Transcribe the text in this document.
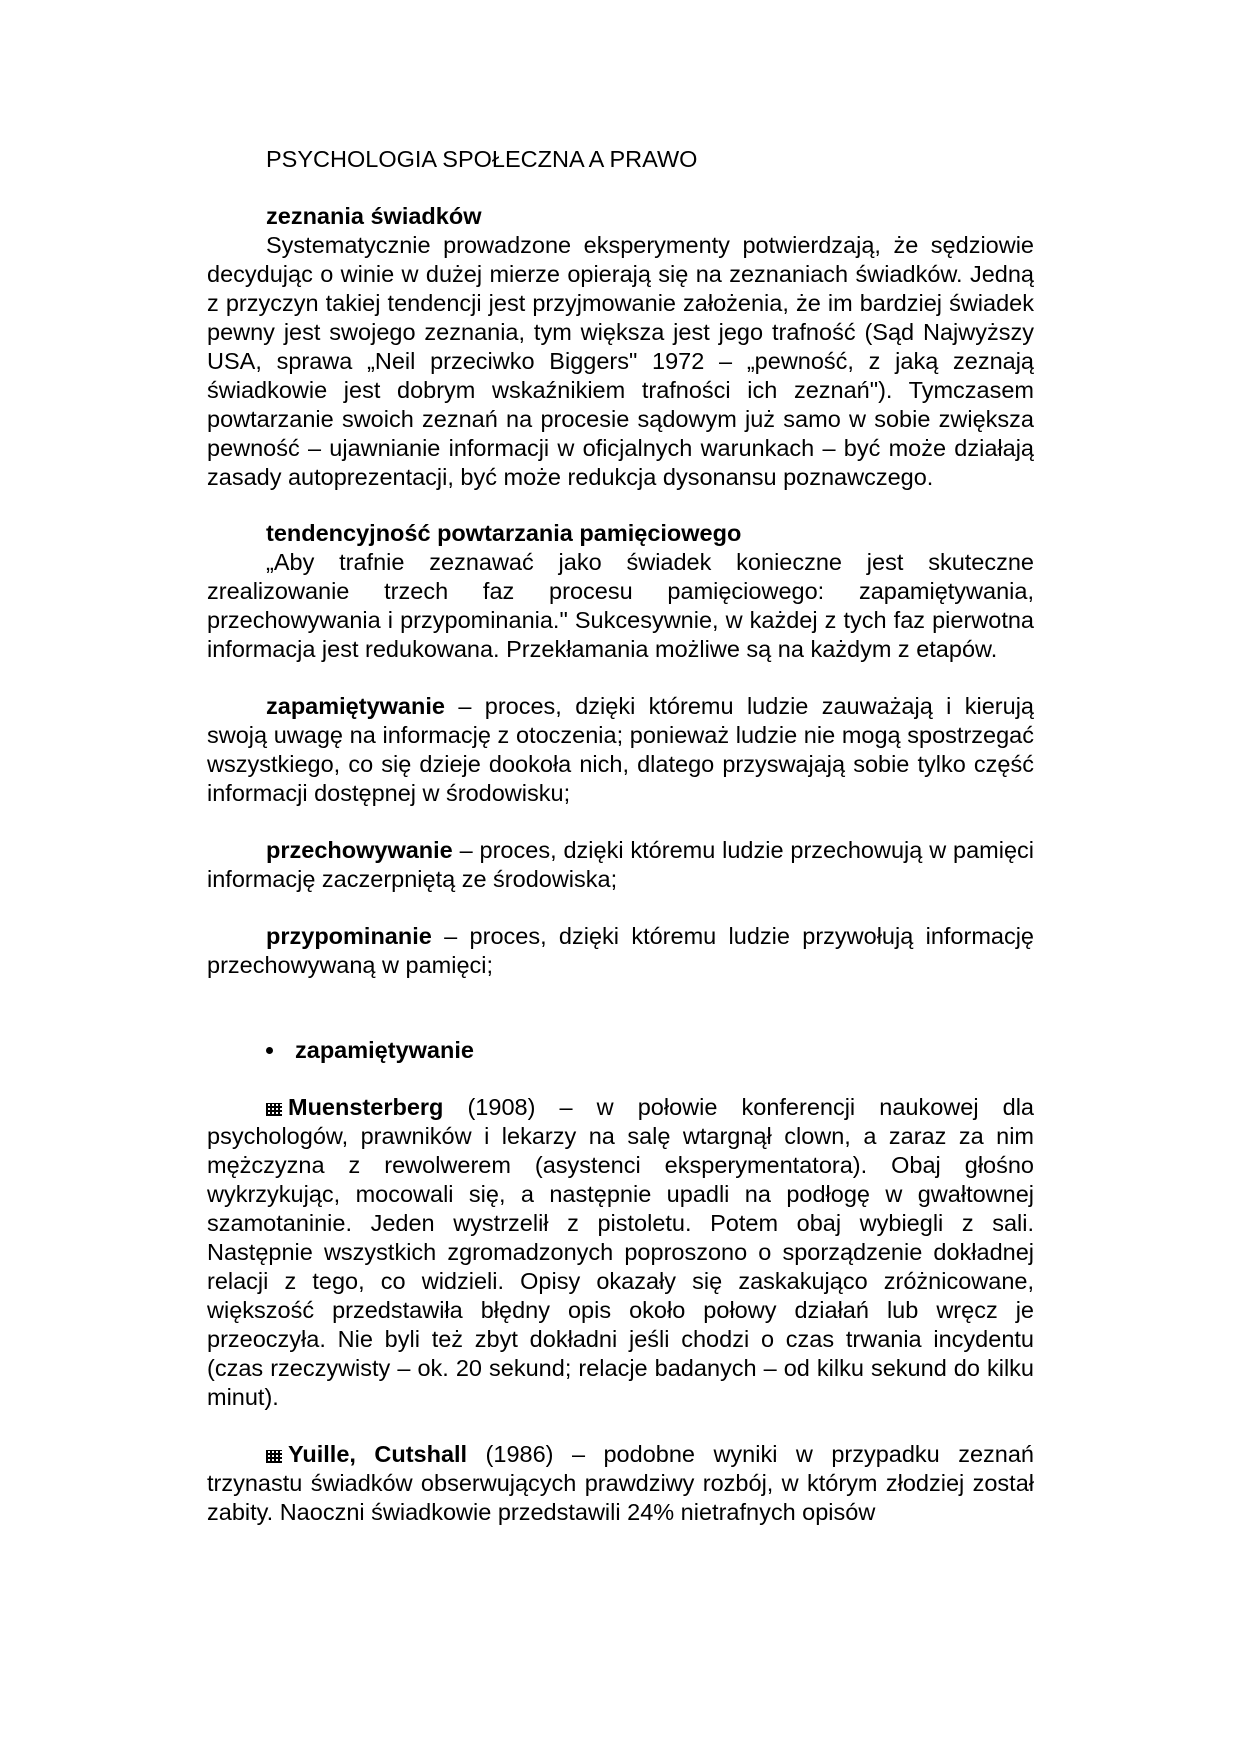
PSYCHOLOGIA SPOŁECZNA A PRAWO
zeznania świadków

Systematycznie prowadzone eksperymenty potwierdzają, że sędziowie decydując o winie w dużej mierze opierają się na zeznaniach świadków. Jedną z przyczyn takiej tendencji jest przyjmowanie założenia, że im bardziej świadek pewny jest swojego zeznania, tym większa jest jego trafność (Sąd Najwyższy USA, sprawa „Neil przeciwko Biggers" 1972 – „pewność, z jaką zeznają świadkowie jest dobrym wskaźnikiem trafności ich zeznań"). Tymczasem powtarzanie swoich zeznań na procesie sądowym już samo w sobie zwiększa pewność – ujawnianie informacji w oficjalnych warunkach – być może działają zasady autoprezentacji, być może redukcja dysonansu poznawczego.

tendencyjność powtarzania pamięciowego

„Aby trafnie zeznawać jako świadek konieczne jest skuteczne zrealizowanie trzech faz procesu pamięciowego: zapamiętywania, przechowywania i przypominania." Sukcesywnie, w każdej z tych faz pierwotna informacja jest redukowana. Przekłamania możliwe są na każdym z etapów.

zapamiętywanie – proces, dzięki któremu ludzie zauważają i kierują swoją uwagę na informację z otoczenia; ponieważ ludzie nie mogą spostrzegać wszystkiego, co się dzieje dookoła nich, dlatego przyswajają sobie tylko część informacji dostępnej w środowisku;

przechowywanie – proces, dzięki któremu ludzie przechowują w pamięci informację zaczerpniętą ze środowiska;

przypominanie – proces, dzięki któremu ludzie przywołują informację przechowywaną w pamięci;

zapamiętywanie

Muensterberg (1908) – w połowie konferencji naukowej dla psychologów, prawników i lekarzy na salę wtargnął clown, a zaraz za nim mężczyzna z rewolwerem (asystenci eksperymentatora). Obaj głośno wykrzykując, mocowali się, a następnie upadli na podłogę w gwałtownej szamotaninie. Jeden wystrzelił z pistoletu. Potem obaj wybiegli z sali. Następnie wszystkich zgromadzonych poproszono o sporządzenie dokładnej relacji z tego, co widzieli. Opisy okazały się zaskakująco zróżnicowane, większość przedstawiła błędny opis około połowy działań lub wręcz je przeoczyła. Nie byli też zbyt dokładni jeśli chodzi o czas trwania incydentu (czas rzeczywisty – ok. 20 sekund; relacje badanych – od kilku sekund do kilku minut).

Yuille, Cutshall (1986) – podobne wyniki w przypadku zeznań trzynastu świadków obserwujących prawdziwy rozbój, w którym złodziej został zabity. Naoczni świadkowie przedstawili 24% nietrafnych opisów
